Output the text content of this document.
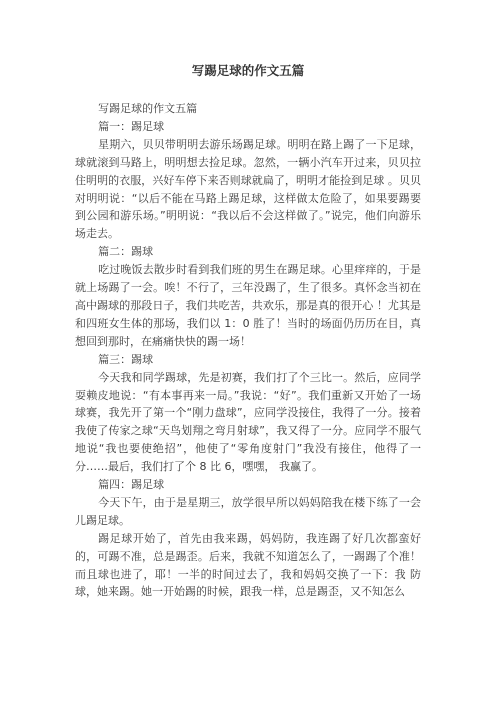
写踢足球的作文五篇

写踢足球的作文五篇

篇一：踢足球

星期六，贝贝带明明去游乐场踢足球。明明在路上踢了一下足球，球就滚到马路上，明明想去捡足球。忽然，一辆小汽车开过来，贝贝拉住明明的衣服，兴好车停下来否则球就扁了，明明才能捡到足球 。贝贝对明明说：“以后不能在马路上踢足球，这样做太危险了，如果要踢要到公园和游乐场。”明明说：“我以后不会这样做了。”说完，他们向游乐场走去。

篇二：踢球

吃过晚饭去散步时看到我们班的男生在踢足球。心里痒痒的，于是就上场踢了一会。唉！不行了，三年没踢了，生了很多。真怀念当初在高中踢球的那段日子，我们共吃苦，共欢乐，那是真的很开心 ！尤其是和四班女生体的那场，我们以 1：0 胜了！当时的场面仍历历在目，真想回到那时，在痛痛快快的踢一场！

篇三：踢球

今天我和同学踢球，先是初赛，我们打了个三比一。然后，应同学耍赖皮地说：“有本事再来一局。”我说：“好”。我们重新又开始了一场球赛，我先开了第一个“刚力盘球”，应同学没接住，我得了一分。接着我使了传家之球“天鸟划翔之弯月射球”，我又得了一分。应同学不服气地说“我也要使绝招”，他使了“零角度射门”我没有接住，他得了一分……最后，我们打了个 8 比 6，嘿嘿， 我赢了。

篇四：踢足球

今天下午，由于是星期三，放学很早所以妈妈陪我在楼下练了一会儿踢足球。

踢足球开始了，首先由我来踢，妈妈防，我连踢了好几次都蛮好的，可踢不准，总是踢歪。后来，我就不知道怎么了，一踢踢了个准！而且球也进了，耶！一半的时间过去了，我和妈妈交换了一下：我 防球，她来踢。她一开始踢的时候，跟我一样，总是踢歪，又不知怎么
